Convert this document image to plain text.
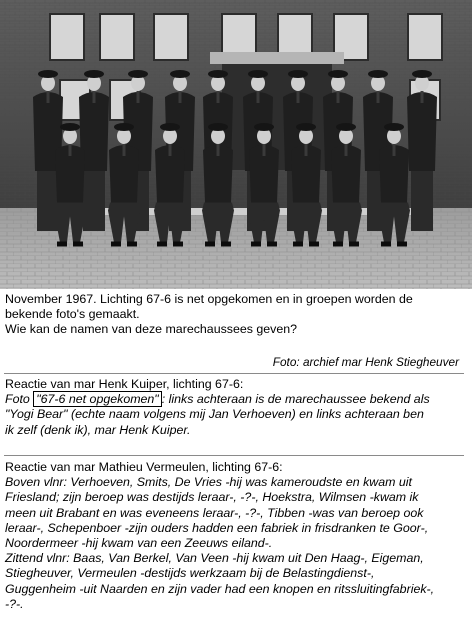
November 1967. Lichting 67-6 is net opgekomen en in groepen worden de

bekende foto's gemaakt.

Wie kan de namen van deze marechaussees geven?

Foto: archief mar Henk Stiegheuver

Reactie van mar Henk Kuiper, lichting 67-6:

Foto "67-6 net opgekomen" : links achteraan is de marechaussee bekend als

"Yogi Bear" (echte naam volgens mij Jan Verhoeven) en links achteraan ben

ik zelf (denk ik), mar Henk Kuiper.

Reactie van mar Mathieu Vermeulen, lichting 67-6:

Boven vlnr: Verhoeven, Smits, De Vries -hij was kameroudste en kwam uit

Friesland; zijn beroep was destijds leraar-, -?-, Hoekstra, Wilmsen -kwam ik

meen uit Brabant en was eveneens leraar-, -?-, Tibben -was van beroep ook

leraar-, Schepenboer -zijn ouders hadden een fabriek in frisdranken te Goor-,

Noordermeer -hij kwam van een Zeeuws eiland-.

Zittend vlnr: Baas, Van Berkel, Van Veen -hij kwam uit Den Haag-, Eigeman,

Stiegheuver, Vermeulen -destijds werkzaam bij de Belastingdienst-,

Guggenheim -uit Naarden en zijn vader had een knopen en ritssluitingfabriek-,

-?-.
